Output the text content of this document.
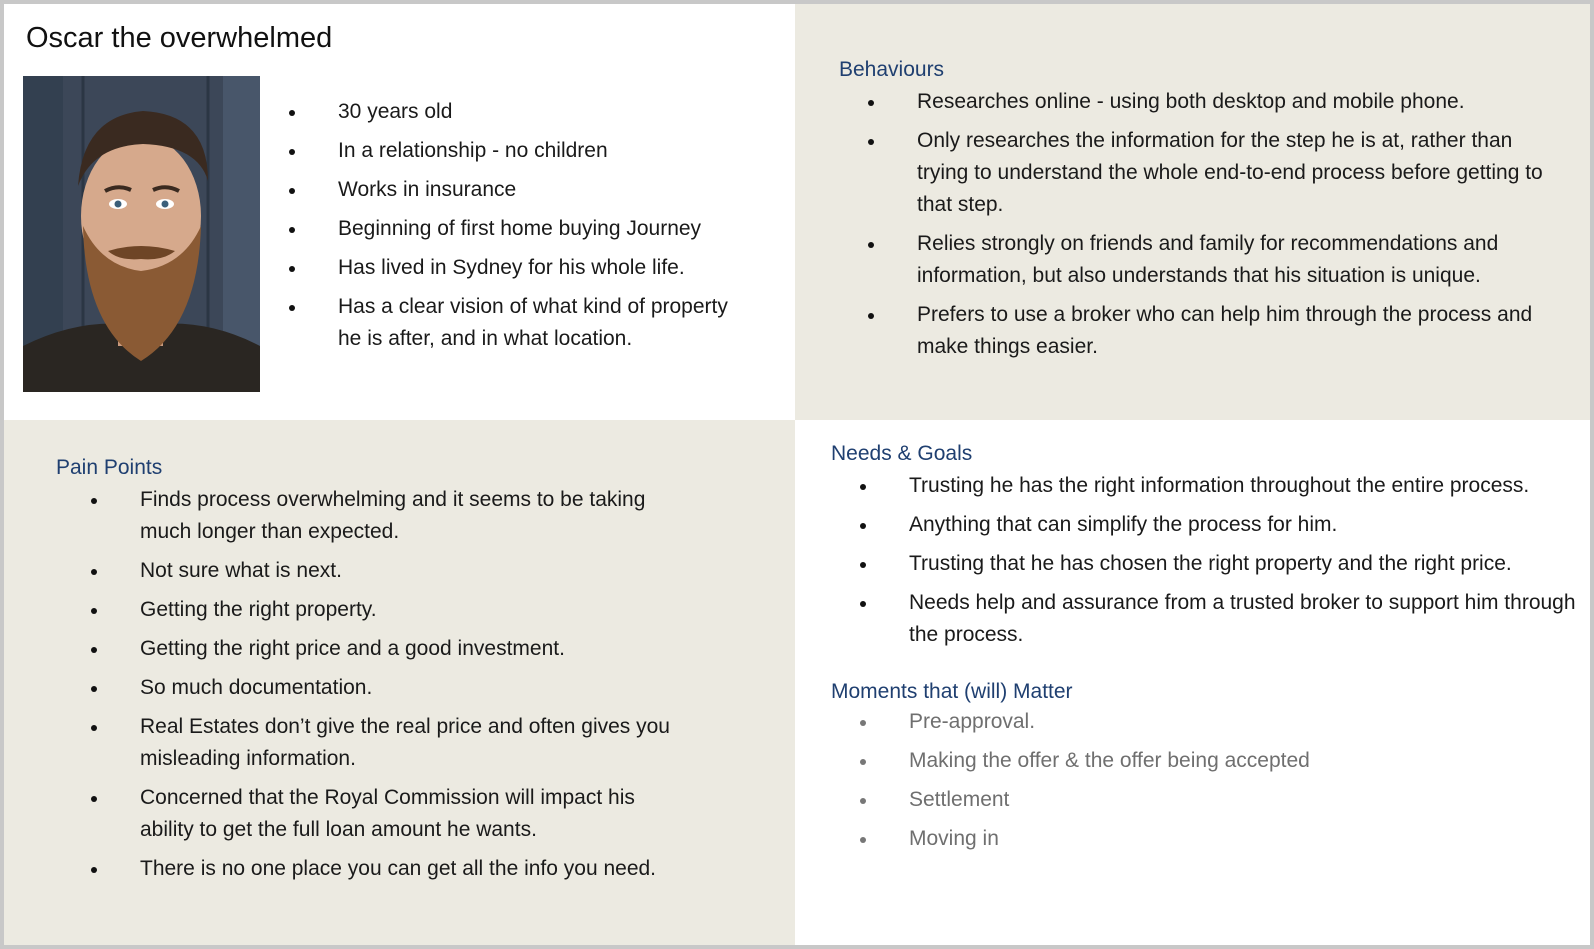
Oscar the overwhelmed
30 years old
In a relationship - no children
Works in insurance
Beginning of first home buying Journey
Has lived in Sydney for his whole life.
Has a clear vision of what kind of property he is after, and in what location.
Behaviours
Researches online - using both desktop and mobile phone.
Only researches the information for the step he is at, rather than trying to understand the whole end-to-end process before getting to that step.
Relies strongly on friends and family for recommendations and information, but also understands that his situation is unique.
Prefers to use a broker who can help him through the process and make things easier.
Pain Points
Finds process overwhelming and it seems to be taking much longer than expected.
Not sure what is next.
Getting the right property.
Getting the right price and a good investment.
So much documentation.
Real Estates don’t give the real price and often gives you misleading information.
Concerned that the Royal Commission will impact his ability to get the full loan amount he wants.
There is no one place you can get all the info you need.
Needs & Goals
Trusting he has the right information throughout the entire process.
Anything that can simplify the process for him.
Trusting that he has chosen the right property and the right price.
Needs help and assurance from a trusted broker to support him through the process.
Moments that (will) Matter
Pre-approval.
Making the offer & the offer being accepted
Settlement
Moving in
